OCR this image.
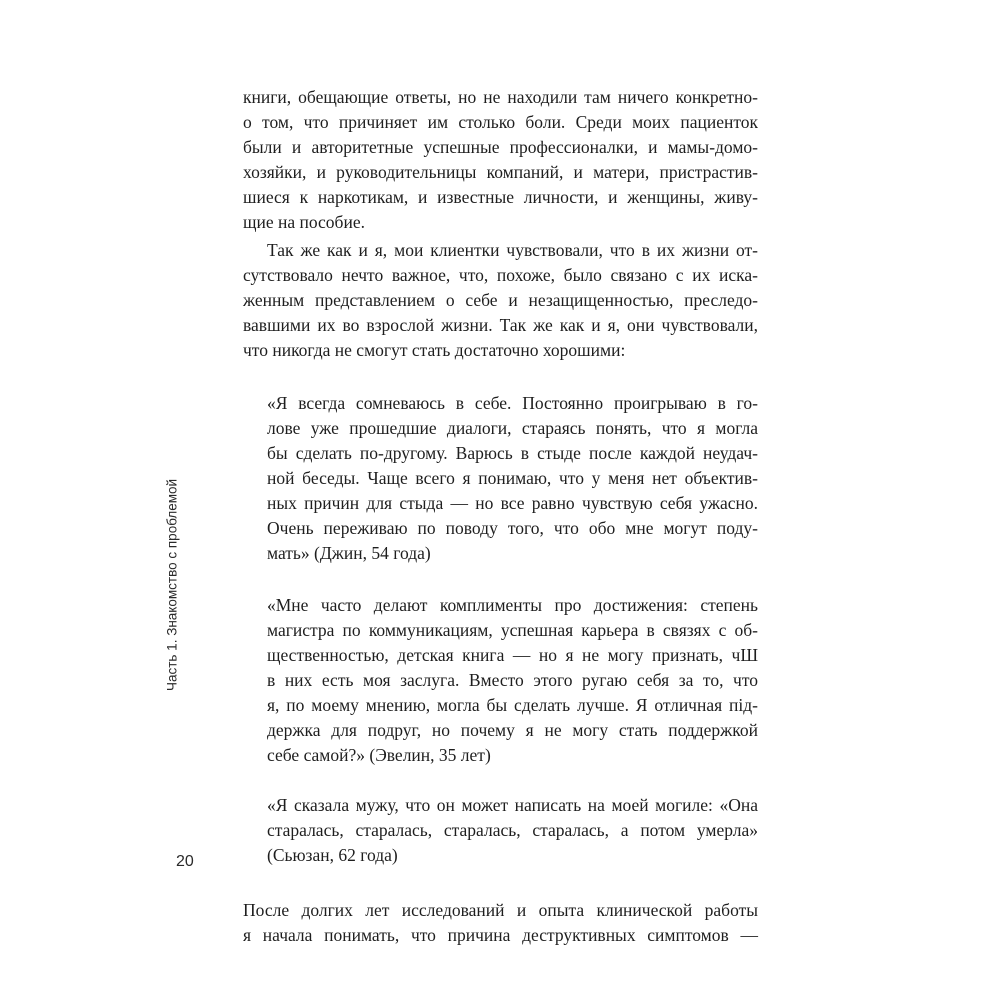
Часть 1. Знакомство с проблемой
20
книги, обещающие ответы, но не находили там ничего конкретно-
о том, что причиняет им столько боли. Среди моих пациенток
были и авторитетные успешные профессионалки, и мамы-домо-
хозяйки, и руководительницы компаний, и матери, пристрастив-
шиеся к наркотикам, и известные личности, и женщины, живу-
щие на пособие.
Так же как и я, мои клиентки чувствовали, что в их жизни от-
сутствовало нечто важное, что, похоже, было связано с их иска-
женным представлением о себе и незащищенностью, преследо-
вавшими их во взрослой жизни. Так же как и я, они чувствовали,
что никогда не смогут стать достаточно хорошими:
«Я всегда сомневаюсь в себе. Постоянно проигрываю в го-
лове уже прошедшие диалоги, стараясь понять, что я могла
бы сделать по-другому. Варюсь в стыде после каждой неудач-
ной беседы. Чаще всего я понимаю, что у меня нет объектив-
ных причин для стыда — но все равно чувствую себя ужасно.
Очень переживаю по поводу того, что обо мне могут поду-
мать» (Джин, 54 года)
«Мне часто делают комплименты про достижения: степень
магистра по коммуникациям, успешная карьера в связях с об-
щественностью, детская книга — но я не могу признать, чШ
в них есть моя заслуга. Вместо этого ругаю себя за то, что
я, по моему мнению, могла бы сделать лучше. Я отличная під-
держка для подруг, но почему я не могу стать поддержкой
себе самой?» (Эвелин, 35 лет)
«Я сказала мужу, что он может написать на моей могиле: «Она
старалась, старалась, старалась, старалась, а потом умерла»
(Сьюзан, 62 года)
После долгих лет исследований и опыта клинической работы
я начала понимать, что причина деструктивных симптомов —
